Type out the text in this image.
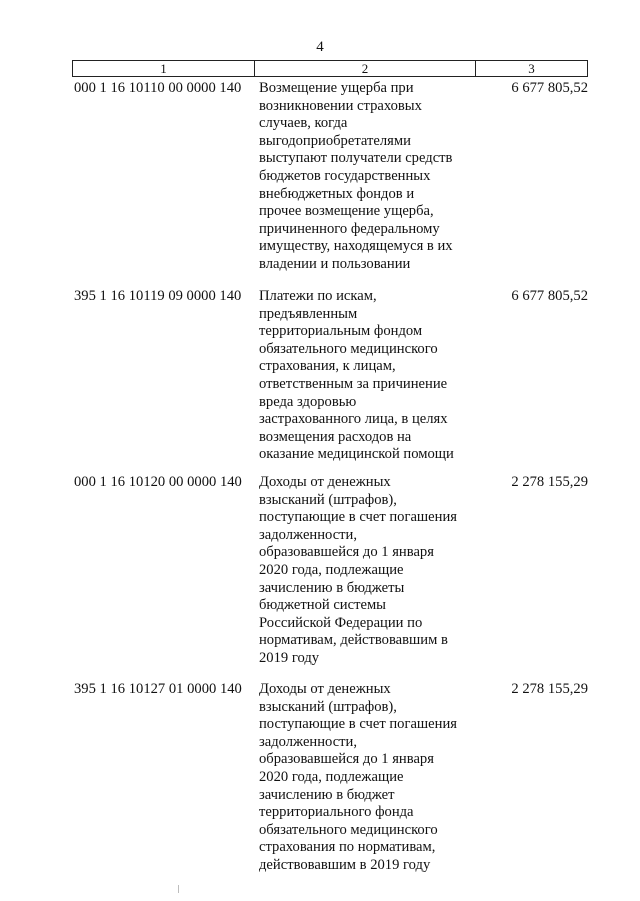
4
1	2	3
000 1 16 10110 00 0000 140 Возмещение ущерба при
возникновении страховых
случаев, когда
выгодоприобретателями
выступают получатели средств
бюджетов государственных
внебюджетных фондов и
прочее возмещение ущерба,
причиненного федеральному
имуществу, находящемуся в их
владении и пользовании
6 677 805,52
395 1 16 10119 09 0000 140 Платежи по искам,
предъявленным
территориальным фондом
обязательного медицинского
страхования, к лицам,
ответственным за причинение
вреда здоровью
застрахованного лица, в целях
возмещения расходов на
оказание медицинской помощи
6 677 805,52
000 1 16 10120 00 0000 140 Доходы от денежных
взысканий (штрафов),
поступающие в счет погашения
задолженности,
образовавшейся до 1 января
2020 года, подлежащие
зачислению в бюджеты
бюджетной системы
Российской Федерации по
нормативам, действовавшим в
2019 году
2 278 155,29
395 1 16 10127 01 0000 140 Доходы от денежных
взысканий (штрафов),
поступающие в счет погашения
задолженности,
образовавшейся до 1 января
2020 года, подлежащие
зачислению в бюджет
территориального фонда
обязательного медицинского
страхования по нормативам,
действовавшим в 2019 году
2 278 155,29
